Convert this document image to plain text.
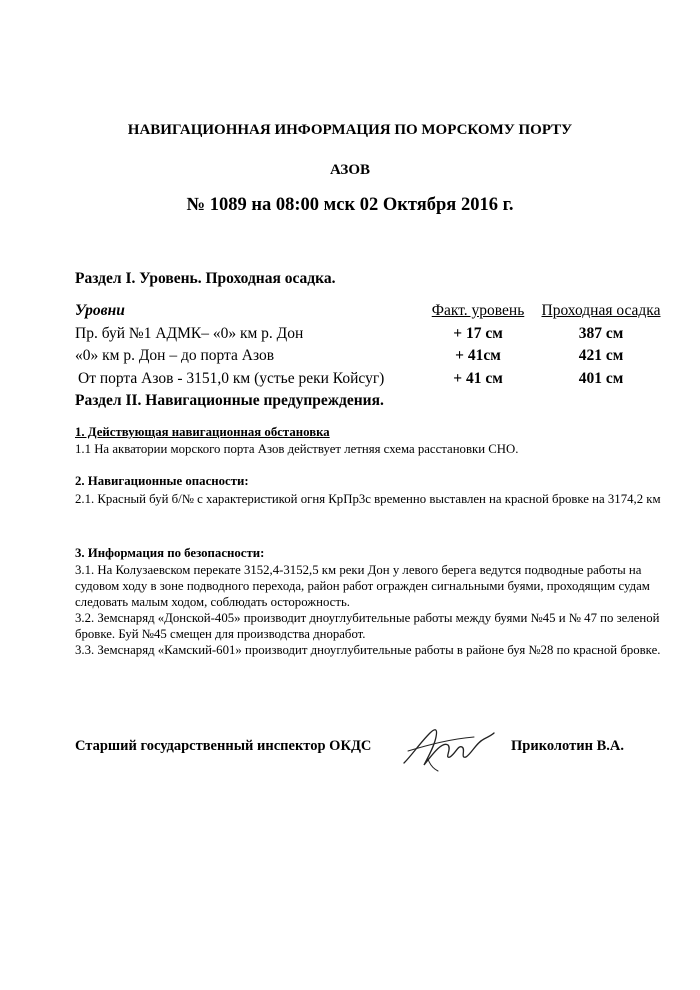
НАВИГАЦИОННАЯ ИНФОРМАЦИЯ ПО МОРСКОМУ ПОРТУ
АЗОВ
№ 1089 на 08:00 мск 02 Октября 2016 г.
Раздел I. Уровень. Проходная осадка.
Уровни	Факт. уровень	Проходная осадка
Пр. буй №1 АДМК– «0» км р. Дон	+ 17 см	387 см
«0» км р. Дон – до порта Азов	+ 41см	421 см
От порта Азов - 3151,0 км (устье реки Койсуг)	+ 41 см	401 см
Раздел II. Навигационные предупреждения.
1. Действующая навигационная обстановка
1.1 На акватории морского порта Азов действует летняя схема расстановки СНО.
2. Навигационные опасности:
2.1. Красный буй б/№ с характеристикой огня КрПр3с временно выставлен на красной бровке на 3174,2 км
3. Информация по безопасности:
3.1. На Колузаевском перекате 3152,4-3152,5 км реки Дон у левого берега ведутся подводные работы на судовом ходу в зоне подводного перехода, район работ огражден сигнальными буями, проходящим судам следовать малым ходом, соблюдать осторожность.
3.2. Земснаряд «Донской-405» производит дноуглубительные работы между буями №45 и № 47 по зеленой бровке. Буй №45 смещен для производства дноработ.
3.3. Земснаряд «Камский-601» производит дноуглубительные работы в районе буя №28 по красной бровке.
Старший государственный инспектор ОКДС	Приколотин В.А.
